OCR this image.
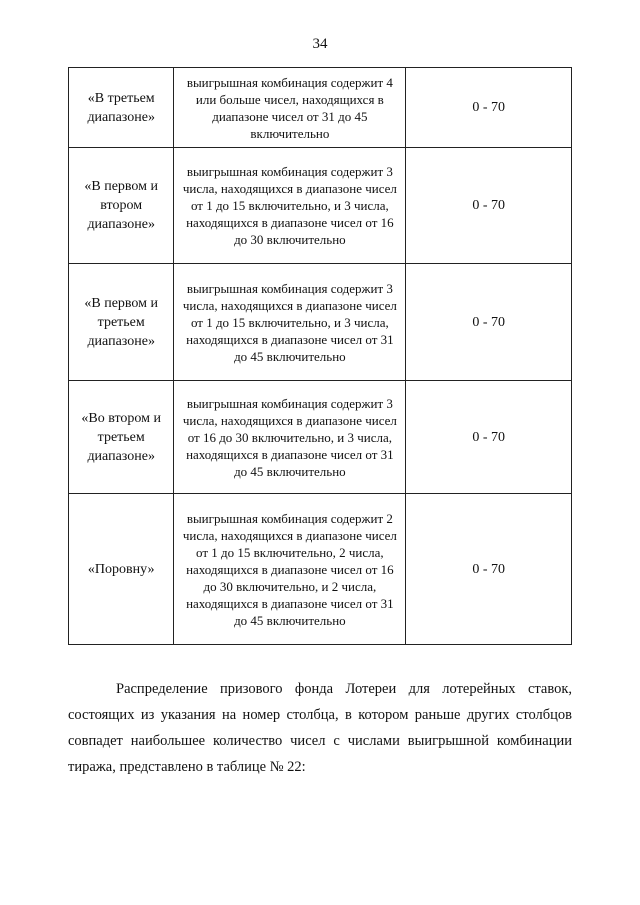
34
«В третьем диапазоне»	выигрышная комбинация содержит 4 или больше чисел, находящихся в диапазоне чисел от 31 до 45 включительно	0 - 70
«В первом и втором диапазоне»	выигрышная комбинация содержит 3 числа, находящихся в диапазоне чисел от 1 до 15 включительно, и 3 числа, находящихся в диапазоне чисел от 16 до 30 включительно	0 - 70
«В первом и третьем диапазоне»	выигрышная комбинация содержит 3 числа, находящихся в диапазоне чисел от 1 до 15 включительно, и 3 числа, находящихся в диапазоне чисел от 31 до 45 включительно	0 - 70
«Во втором и третьем диапазоне»	выигрышная комбинация содержит 3 числа, находящихся в диапазоне чисел от 16 до 30 включительно, и 3 числа, находящихся в диапазоне чисел от 31 до 45 включительно	0 - 70
«Поровну»	выигрышная комбинация содержит 2 числа, находящихся в диапазоне чисел от 1 до 15 включительно, 2 числа, находящихся в диапазоне чисел от 16 до 30 включительно, и 2 числа, находящихся в диапазоне чисел от 31 до 45 включительно	0 - 70

Распределение призового фонда Лотереи для лотерейных ставок, состоящих из указания на номер столбца, в котором раньше других столбцов совпадет наибольшее количество чисел с числами выигрышной комбинации тиража, представлено в таблице № 22:
